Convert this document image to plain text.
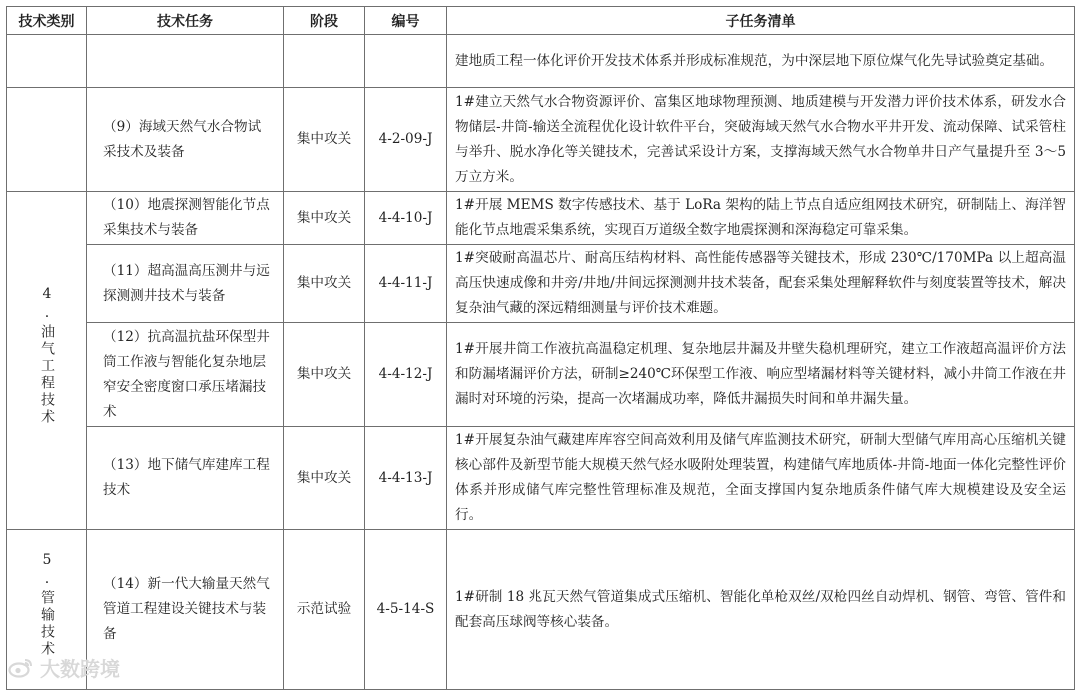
技术类别	技术任务	阶段	编号	子任务清单
				建地质工程一体化评价开发技术体系并形成标准规范，为中深层地下原位煤气化先导试验奠定基础。
	（9）海域天然气水合物试采技术及装备	集中攻关	4-2-09-J	1#建立天然气水合物资源评价、富集区地球物理预测、地质建模与开发潜力评价技术体系，研发水合物储层-井筒-输送全流程优化设计软件平台，突破海域天然气水合物水平井开发、流动保障、试采管柱与举升、脱水净化等关键技术，完善试采设计方案，支撑海域天然气水合物单井日产气量提升至 3～5 万立方米。
4.油气工程技术	（10）地震探测智能化节点采集技术与装备	集中攻关	4-4-10-J	1#开展 MEMS 数字传感技术、基于 LoRa 架构的陆上节点自适应组网技术研究，研制陆上、海洋智能化节点地震采集系统，实现百万道级全数字地震探测和深海稳定可靠采集。
	（11）超高温高压测井与远探测测井技术与装备	集中攻关	4-4-11-J	1#突破耐高温芯片、耐高压结构材料、高性能传感器等关键技术，形成 230℃/170MPa 以上超高温高压快速成像和井旁/井地/井间远探测测井技术装备，配套采集处理解释软件与刻度装置等技术，解决复杂油气藏的深远精细测量与评价技术难题。
	（12）抗高温抗盐环保型井筒工作液与智能化复杂地层窄安全密度窗口承压堵漏技术	集中攻关	4-4-12-J	1#开展井筒工作液抗高温稳定机理、复杂地层井漏及井壁失稳机理研究，建立工作液超高温评价方法和防漏堵漏评价方法，研制≥240℃环保型工作液、响应型堵漏材料等关键材料，减小井筒工作液在井漏时对环境的污染，提高一次堵漏成功率，降低井漏损失时间和单井漏失量。
	（13）地下储气库建库工程技术	集中攻关	4-4-13-J	1#开展复杂油气藏建库库容空间高效利用及储气库监测技术研究，研制大型储气库用高心压缩机关键核心部件及新型节能大规模天然气烃水吸附处理装置，构建储气库地质体-井筒-地面一体化完整性评价体系并形成储气库完整性管理标准及规范，全面支撑国内复杂地质条件储气库大规模建设及安全运行。
5.管输技术	（14）新一代大输量天然气管道工程建设关键技术与装备	示范试验	4-5-14-S	1#研制 18 兆瓦天然气管道集成式压缩机、智能化单枪双丝/双枪四丝自动焊机、钢管、弯管、管件和配套高压球阀等核心装备。
大数跨境
